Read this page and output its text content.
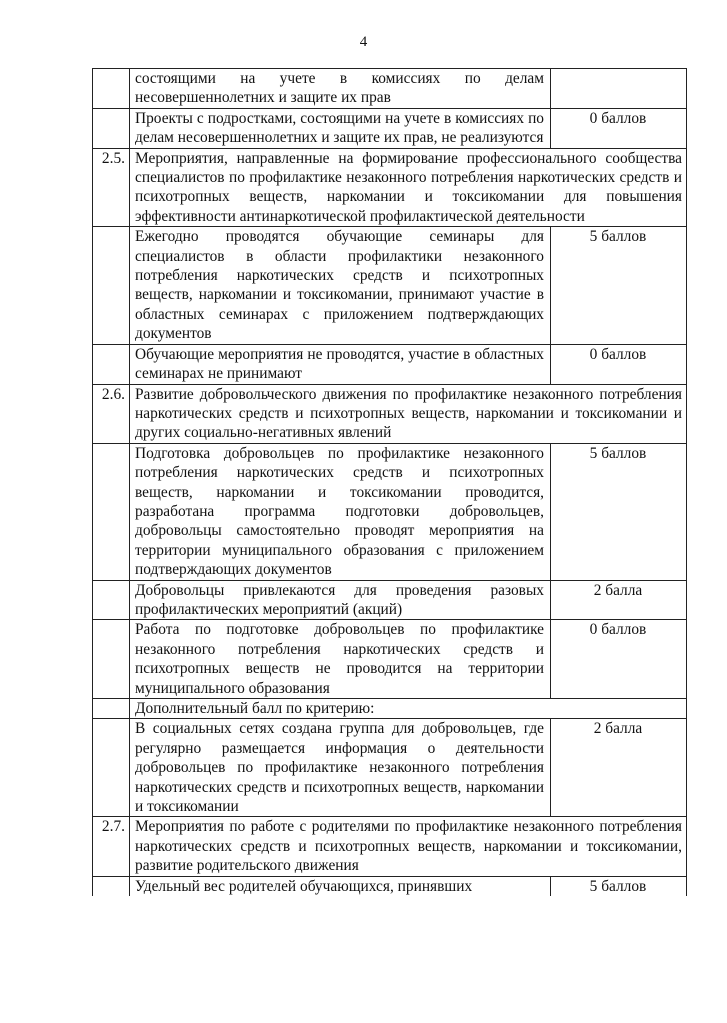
4
	состоящими на учете в комиссиях по делам несовершеннолетних и защите их прав	
	Проекты с подростками, состоящими на учете в комиссиях по делам несовершеннолетних и защите их прав, не реализуются	0 баллов
2.5.	Мероприятия, направленные на формирование профессионального сообщества специалистов по профилактике незаконного потребления наркотических средств и психотропных веществ, наркомании и токсикомании для повышения эффективности антинаркотической профилактической деятельности	
	Ежегодно проводятся обучающие семинары для специалистов в области профилактики незаконного потребления наркотических средств и психотропных веществ, наркомании и токсикомании, принимают участие в областных семинарах с приложением подтверждающих документов	5 баллов
	Обучающие мероприятия не проводятся, участие в областных семинарах не принимают	0 баллов
2.6.	Развитие добровольческого движения по профилактике незаконного потребления наркотических средств и психотропных веществ, наркомании и токсикомании и других социально-негативных явлений	
	Подготовка добровольцев по профилактике незаконного потребления наркотических средств и психотропных веществ, наркомании и токсикомании проводится, разработана программа подготовки добровольцев, добровольцы самостоятельно проводят мероприятия на территории муниципального образования с приложением подтверждающих документов	5 баллов
	Добровольцы привлекаются для проведения разовых профилактических мероприятий (акций)	2 балла
	Работа по подготовке добровольцев по профилактике незаконного потребления наркотических средств и психотропных веществ не проводится на территории муниципального образования	0 баллов
	Дополнительный балл по критерию:	
	В социальных сетях создана группа для добровольцев, где регулярно размещается информация о деятельности добровольцев по профилактике незаконного потребления наркотических средств и психотропных веществ, наркомании и токсикомании	2 балла
2.7.	Мероприятия по работе с родителями по профилактике незаконного потребления наркотических средств и психотропных веществ, наркомании и токсикомании, развитие родительского движения	
	Удельный вес родителей обучающихся, принявших	5 баллов
